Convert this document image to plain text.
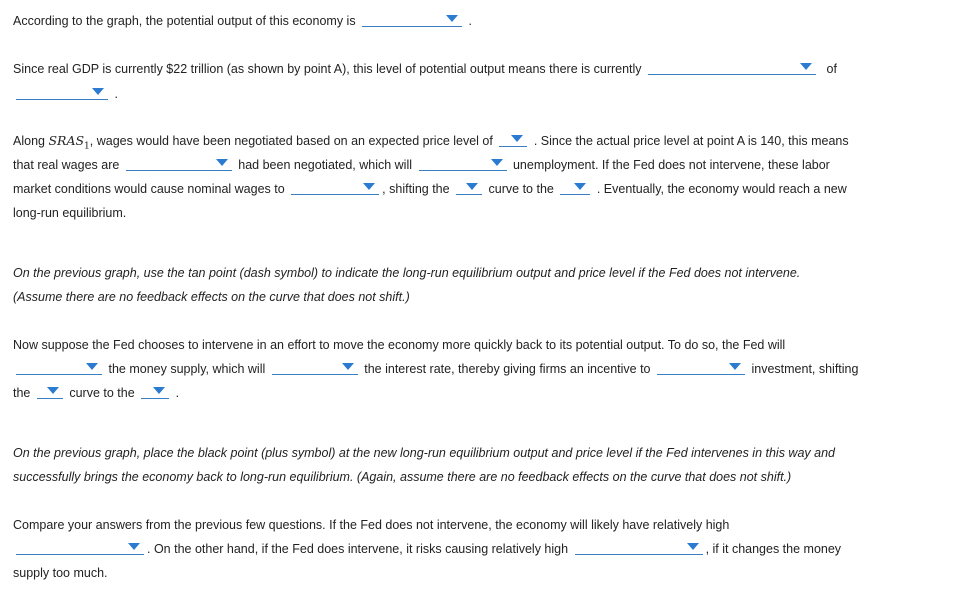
According to the graph, the potential output of this economy is	.
Since real GDP is currently $22 trillion (as shown by point A), this level of potential output means there is currently	of
.
Along $SRAS_1$, wages would have been negotiated based on an expected price level of	. Since the actual price level at point A is 140, this means
that real wages are	had been negotiated, which will	unemployment. If the Fed does not intervene, these labor
market conditions would cause nominal wages to	, shifting the	curve to the	. Eventually, the economy would reach a new
long-run equilibrium.
On the previous graph, use the tan point (dash symbol) to indicate the long-run equilibrium output and price level if the Fed does not intervene.
(Assume there are no feedback effects on the curve that does not shift.)
Now suppose the Fed chooses to intervene in an effort to move the economy more quickly back to its potential output. To do so, the Fed will
the money supply, which will	the interest rate, thereby giving firms an incentive to	investment, shifting
the	curve to the	.
On the previous graph, place the black point (plus symbol) at the new long-run equilibrium output and price level if the Fed intervenes in this way and
successfully brings the economy back to long-run equilibrium. (Again, assume there are no feedback effects on the curve that does not shift.)
Compare your answers from the previous few questions. If the Fed does not intervene, the economy will likely have relatively high
. On the other hand, if the Fed does intervene, it risks causing relatively high	, if it changes the money
supply too much.
